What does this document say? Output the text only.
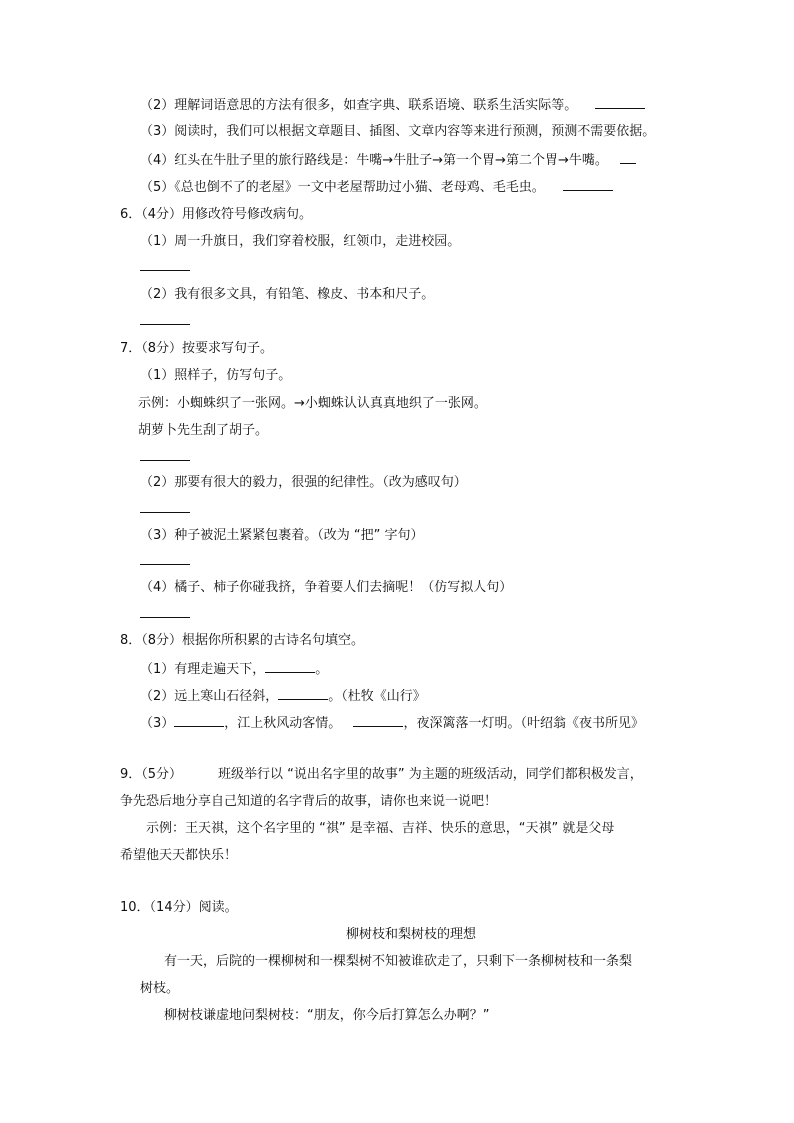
（2）理解词语意思的方法有很多，如查字典、联系语境、联系生活实际等。
（3）阅读时，我们可以根据文章题目、插图、文章内容等来进行预测，预测不需要依据。
（4）红头在牛肚子里的旅行路线是：牛嘴→牛肚子→第一个胃→第二个胃→牛嘴。
（5）《总也倒不了的老屋》一文中老屋帮助过小猫、老母鸡、毛毛虫。
6．（4分）用修改符号修改病句。
（1）周一升旗日，我们穿着校服，红领巾，走进校园。
（2）我有很多文具，有铅笔、橡皮、书本和尺子。
7．（8分）按要求写句子。
（1）照样子，仿写句子。
示例：小蜘蛛织了一张网。→小蜘蛛认认真真地织了一张网。
胡萝卜先生刮了胡子。
（2）那要有很大的毅力，很强的纪律性。（改为感叹句）
（3）种子被泥土紧紧包裹着。（改为 “把” 字句）
（4）橘子、柿子你碰我挤，争着要人们去摘呢！（仿写拟人句）
8．（8分）根据你所积累的古诗名句填空。
（1）有理走遍天下，	。
（2）远上寒山石径斜，	。（杜牧《山行》
（3）	，江上秋风动客情。	，夜深篱落一灯明。（叶绍翁《夜书所见》
9．（5分）	班级举行以 “说出名字里的故事” 为主题的班级活动，同学们都积极发言，
争先恐后地分享自己知道的名字背后的故事，请你也来说一说吧！
示例：王天祺，这个名字里的 “祺” 是幸福、吉祥、快乐的意思，“天祺” 就是父母
希望他天天都快乐！
10．（14分）阅读。
柳树枝和梨树枝的理想
有一天，后院的一棵柳树和一棵梨树不知被谁砍走了，只剩下一条柳树枝和一条梨
树枝。
柳树枝谦虚地问梨树枝：“朋友，你今后打算怎么办啊？”
